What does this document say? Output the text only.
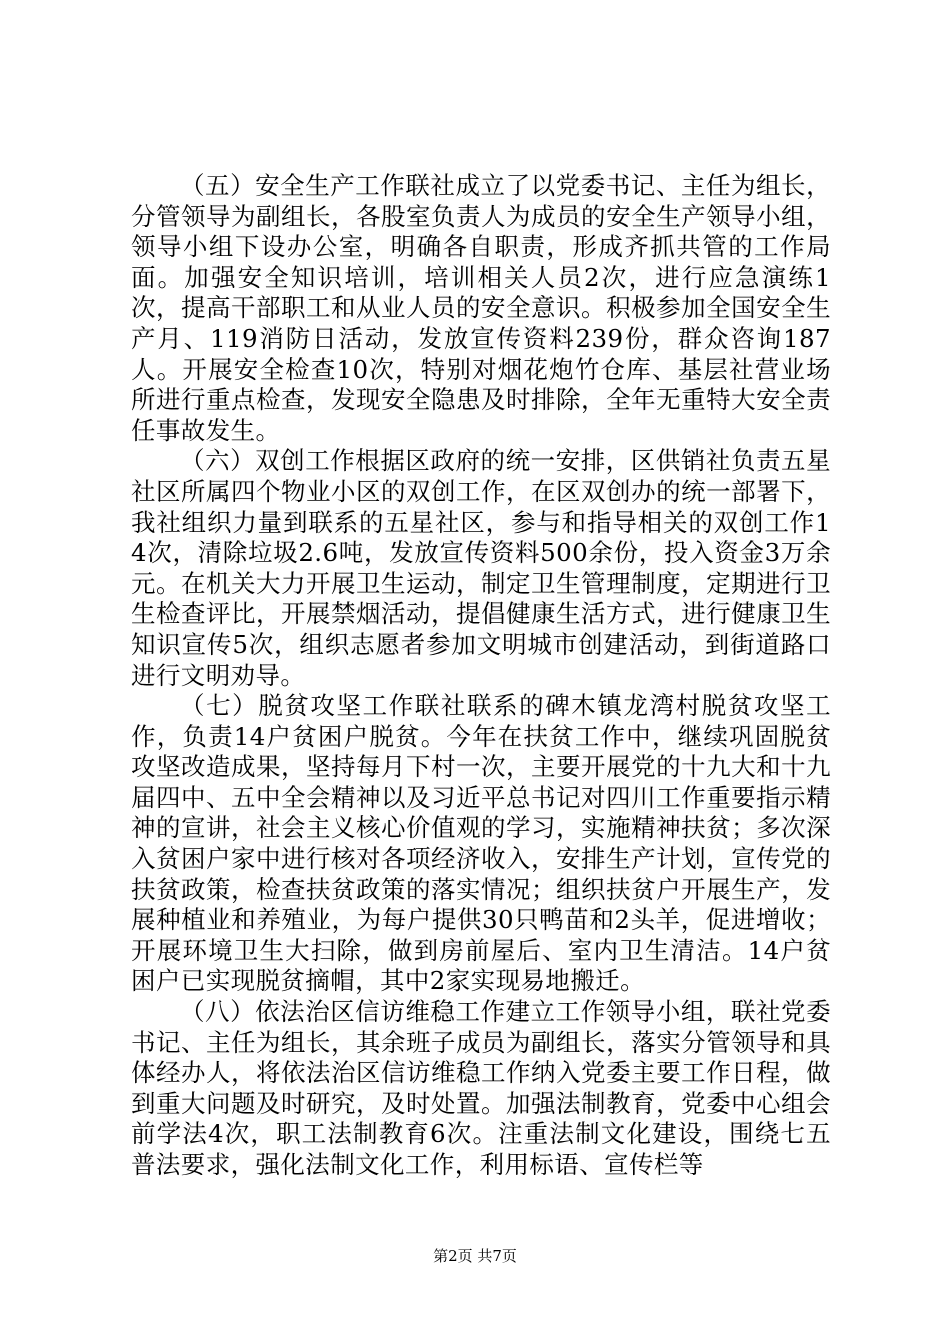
（五）安全生产工作联社成立了以党委书记、主任为组长，分管领导为副组长，各股室负责人为成员的安全生产领导小组，领导小组下设办公室，明确各自职责，形成齐抓共管的工作局面。加强安全知识培训，培训相关人员2次，进行应急演练1次，提高干部职工和从业人员的安全意识。积极参加全国安全生产月、119消防日活动，发放宣传资料239份，群众咨询187人。开展安全检查10次，特别对烟花炮竹仓库、基层社营业场所进行重点检查，发现安全隐患及时排除，全年无重特大安全责任事故发生。

（六）双创工作根据区政府的统一安排，区供销社负责五星社区所属四个物业小区的双创工作，在区双创办的统一部署下，我社组织力量到联系的五星社区，参与和指导相关的双创工作14次，清除垃圾2.6吨，发放宣传资料500余份，投入资金3万余元。在机关大力开展卫生运动，制定卫生管理制度，定期进行卫生检查评比，开展禁烟活动，提倡健康生活方式，进行健康卫生知识宣传5次，组织志愿者参加文明城市创建活动，到街道路口进行文明劝导。

（七）脱贫攻坚工作联社联系的碑木镇龙湾村脱贫攻坚工作，负责14户贫困户脱贫。今年在扶贫工作中，继续巩固脱贫攻坚改造成果，坚持每月下村一次，主要开展党的十九大和十九届四中、五中全会精神以及习近平总书记对四川工作重要指示精神的宣讲，社会主义核心价值观的学习，实施精神扶贫；多次深入贫困户家中进行核对各项经济收入，安排生产计划，宣传党的扶贫政策，检查扶贫政策的落实情况；组织扶贫户开展生产，发展种植业和养殖业，为每户提供30只鸭苗和2头羊，促进增收；开展环境卫生大扫除，做到房前屋后、室内卫生清洁。14户贫困户已实现脱贫摘帽，其中2家实现易地搬迁。

（八）依法治区信访维稳工作建立工作领导小组，联社党委书记、主任为组长，其余班子成员为副组长，落实分管领导和具体经办人，将依法治区信访维稳工作纳入党委主要工作日程，做到重大问题及时研究，及时处置。加强法制教育，党委中心组会前学法4次，职工法制教育6次。注重法制文化建设，围绕七五普法要求，强化法制文化工作，利用标语、宣传栏等

第2页 共7页
